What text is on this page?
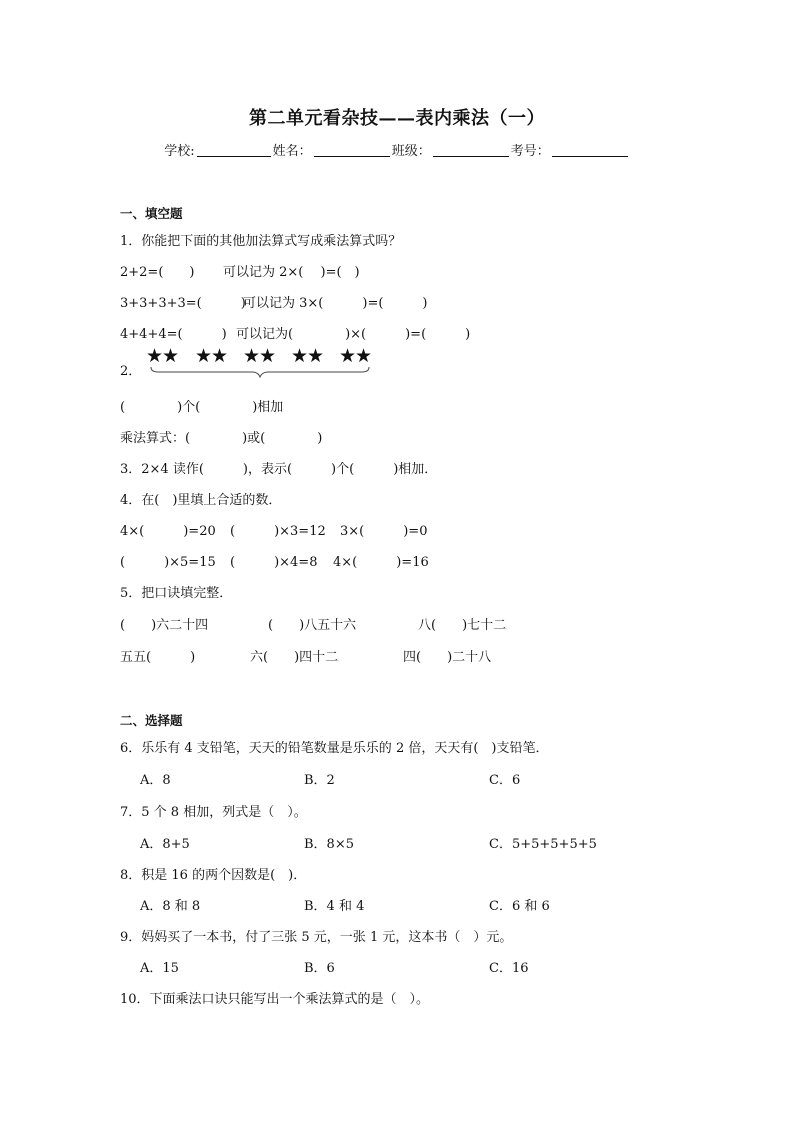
第二单元看杂技——表内乘法（一）
学校:	姓名：	班级：	考号：
一、填空题
1．你能把下面的其他加法算式写成乘法算式吗？
2+2=(　　) 可以记为 2×(　 )=(　)
3+3+3+3=(　　　)
可以记为 3×(　　　)=(　　　)
4+4+4=(　　　) 可以记为(　　　　)×(　　　)=(　　　)
2．
★
★ ★
★ ★
★ ★
★ ★
★
(　　　　)个(　　　　)相加
乘法算式：(　　　　)或(　　　　)
3．2×4 读作(　　　)，表示(　　　)个(　　　)相加．
4．在(　)里填上合适的数．
4×(　　　)=20 (　　　)×3=12 3×(　　　)=0
(　　　)×5=15 (　　　)×4=8 4×(　　　)=16
5．把口诀填完整．
(　　)六二十四	(　　)八五十六	八(　　)七十二
五五(　　　)	六(　　)四十二	四(　　)二十八
二、选择题
6．乐乐有 4 支铅笔，天天的铅笔数量是乐乐的 2 倍，天天有(　)支铅笔．
A．8	B．2	C．6
7．5 个 8 相加，列式是（　）。
A．8+5	B．8×5	C．5+5+5+5+5
8．积是 16 的两个因数是(　)．
A．8 和 8	B．4 和 4	C．6 和 6
9．妈妈买了一本书，付了三张 5 元，一张 1 元，这本书（　）元。
A．15	B．6	C．16
10．下面乘法口诀只能写出一个乘法算式的是（　）。
